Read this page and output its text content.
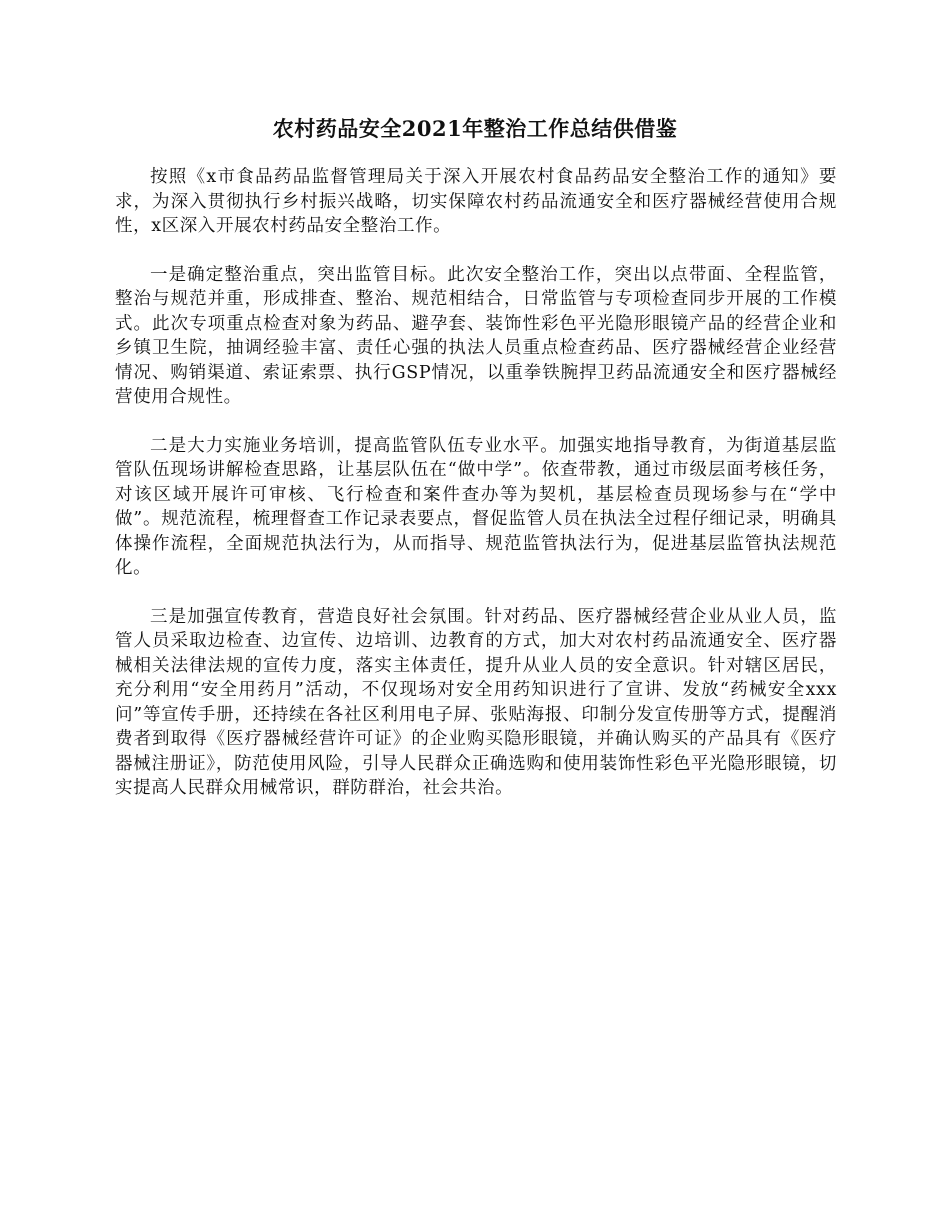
农村药品安全2021年整治工作总结供借鉴

按照《x市食品药品监督管理局关于深入开展农村食品药品安全整治工作的通知》要求，为深入贯彻执行乡村振兴战略，切实保障农村药品流通安全和医疗器械经营使用合规性，x区深入开展农村药品安全整治工作。

一是确定整治重点，突出监管目标。此次安全整治工作，突出以点带面、全程监管，整治与规范并重，形成排查、整治、规范相结合，日常监管与专项检查同步开展的工作模式。此次专项重点检查对象为药品、避孕套、装饰性彩色平光隐形眼镜产品的经营企业和乡镇卫生院，抽调经验丰富、责任心强的执法人员重点检查药品、医疗器械经营企业经营情况、购销渠道、索证索票、执行GSP情况，以重拳铁腕捍卫药品流通安全和医疗器械经营使用合规性。

二是大力实施业务培训，提高监管队伍专业水平。加强实地指导教育，为街道基层监管队伍现场讲解检查思路，让基层队伍在“做中学”。依查带教，通过市级层面考核任务，对该区域开展许可审核、飞行检查和案件查办等为契机，基层检查员现场参与在“学中做”。规范流程，梳理督查工作记录表要点，督促监管人员在执法全过程仔细记录，明确具体操作流程，全面规范执法行为，从而指导、规范监管执法行为，促进基层监管执法规范化。

三是加强宣传教育，营造良好社会氛围。针对药品、医疗器械经营企业从业人员，监管人员采取边检查、边宣传、边培训、边教育的方式，加大对农村药品流通安全、医疗器械相关法律法规的宣传力度，落实主体责任，提升从业人员的安全意识。针对辖区居民，充分利用“安全用药月”活动，不仅现场对安全用药知识进行了宣讲、发放“药械安全xxx问”等宣传手册，还持续在各社区利用电子屏、张贴海报、印制分发宣传册等方式，提醒消费者到取得《医疗器械经营许可证》的企业购买隐形眼镜，并确认购买的产品具有《医疗器械注册证》，防范使用风险，引导人民群众正确选购和使用装饰性彩色平光隐形眼镜，切实提高人民群众用械常识，群防群治，社会共治。
